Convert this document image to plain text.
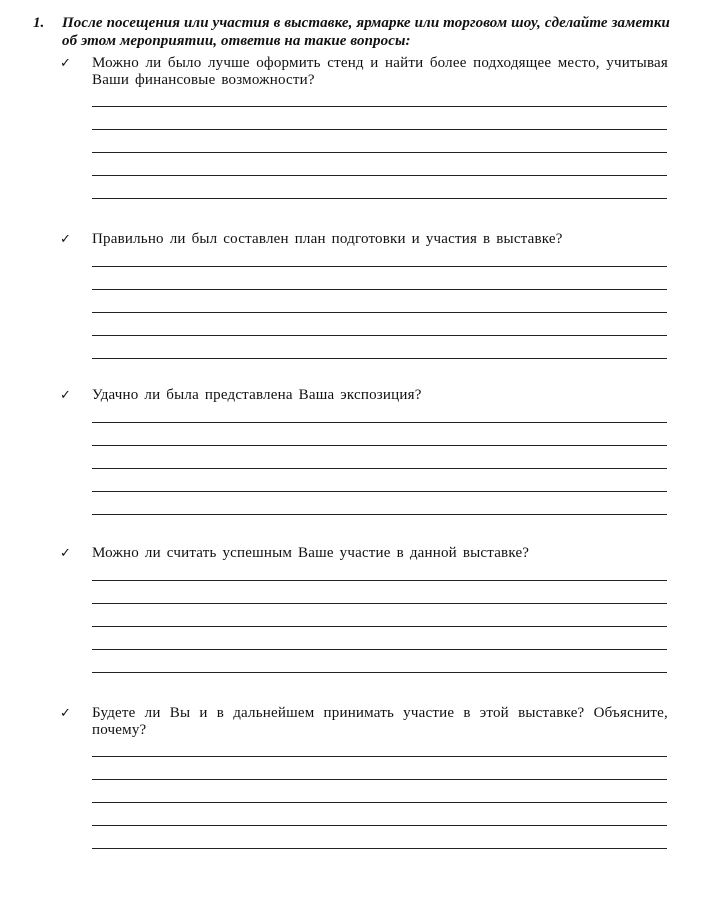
1. После посещения или участия в выставке, ярмарке или торговом шоу, сделайте заметки об этом мероприятии, ответив на такие вопросы:
✓ Можно ли было лучше оформить стенд и найти более подходящее место, учитывая Ваши финансовые возможности?
✓ Правильно ли был составлен план подготовки и участия в выставке?
✓ Удачно ли была представлена Ваша экспозиция?
✓ Можно ли считать успешным Ваше участие в данной выставке?
✓ Будете ли Вы и в дальнейшем принимать участие в этой выставке? Объясните, почему?
